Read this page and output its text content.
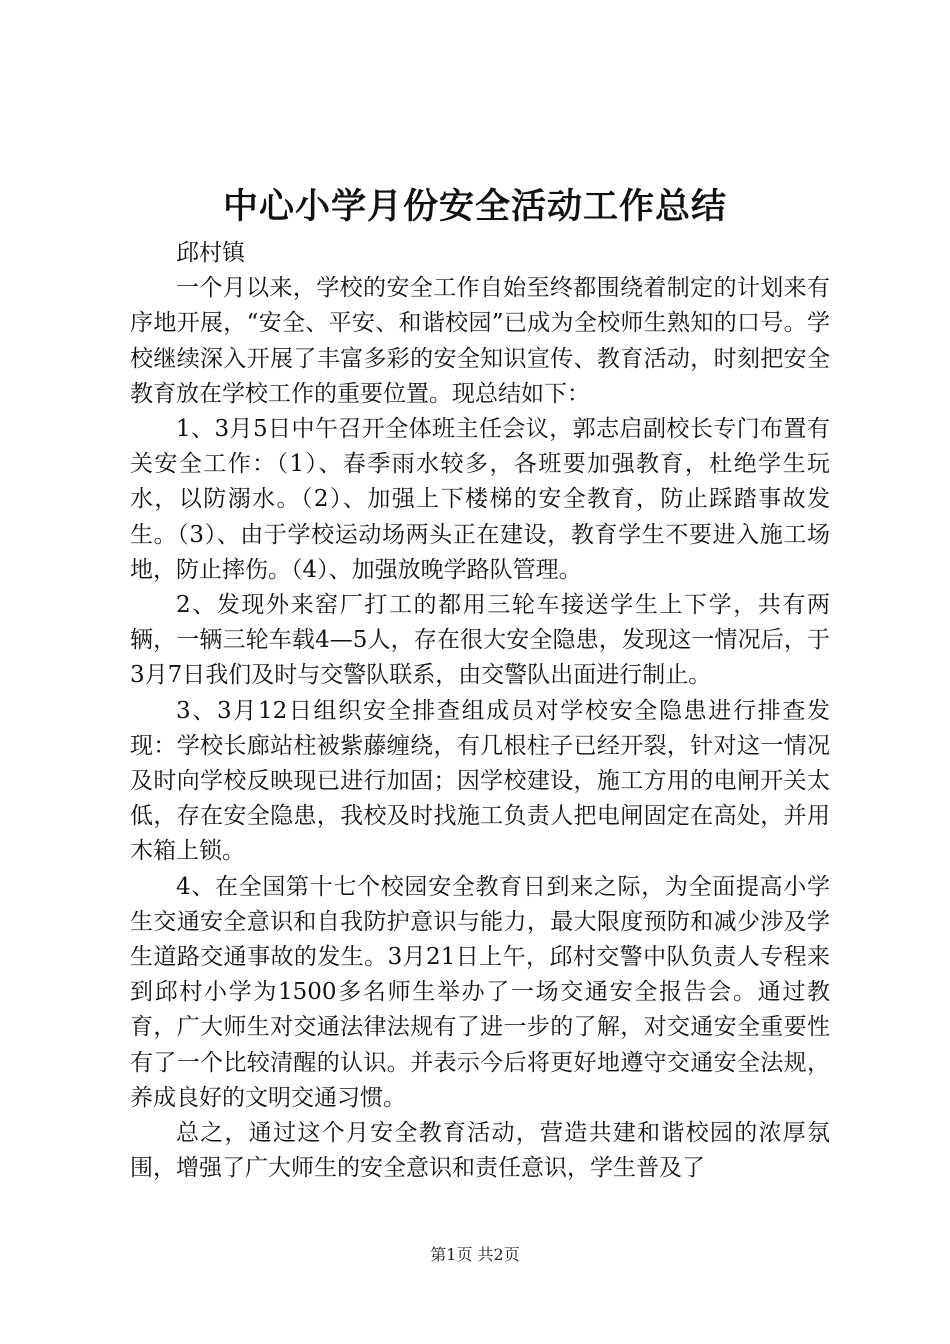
中心小学月份安全活动工作总结

邱村镇

一个月以来，学校的安全工作自始至终都围绕着制定的计划来有序地开展，“安全、平安、和谐校园”已成为全校师生熟知的口号。学校继续深入开展了丰富多彩的安全知识宣传、教育活动，时刻把安全教育放在学校工作的重要位置。现总结如下：

1、3月5日中午召开全体班主任会议，郭志启副校长专门布置有关安全工作：（1）、春季雨水较多，各班要加强教育，杜绝学生玩水，以防溺水。（2）、加强上下楼梯的安全教育，防止踩踏事故发生。（3）、由于学校运动场两头正在建设，教育学生不要进入施工场地，防止摔伤。（4）、加强放晚学路队管理。

2、发现外来窑厂打工的都用三轮车接送学生上下学，共有两辆，一辆三轮车载4—5人，存在很大安全隐患，发现这一情况后，于3月7日我们及时与交警队联系，由交警队出面进行制止。

3、3月12日组织安全排查组成员对学校安全隐患进行排查发现：学校长廊站柱被紫藤缠绕，有几根柱子已经开裂，针对这一情况及时向学校反映现已进行加固；因学校建设，施工方用的电闸开关太低，存在安全隐患，我校及时找施工负责人把电闸固定在高处，并用木箱上锁。

4、在全国第十七个校园安全教育日到来之际，为全面提高小学生交通安全意识和自我防护意识与能力，最大限度预防和减少涉及学生道路交通事故的发生。3月21日上午，邱村交警中队负责人专程来到邱村小学为1500多名师生举办了一场交通安全报告会。通过教育，广大师生对交通法律法规有了进一步的了解，对交通安全重要性有了一个比较清醒的认识。并表示今后将更好地遵守交通安全法规，养成良好的文明交通习惯。

总之，通过这个月安全教育活动，营造共建和谐校园的浓厚氛围，增强了广大师生的安全意识和责任意识，学生普及了

第1页 共2页
